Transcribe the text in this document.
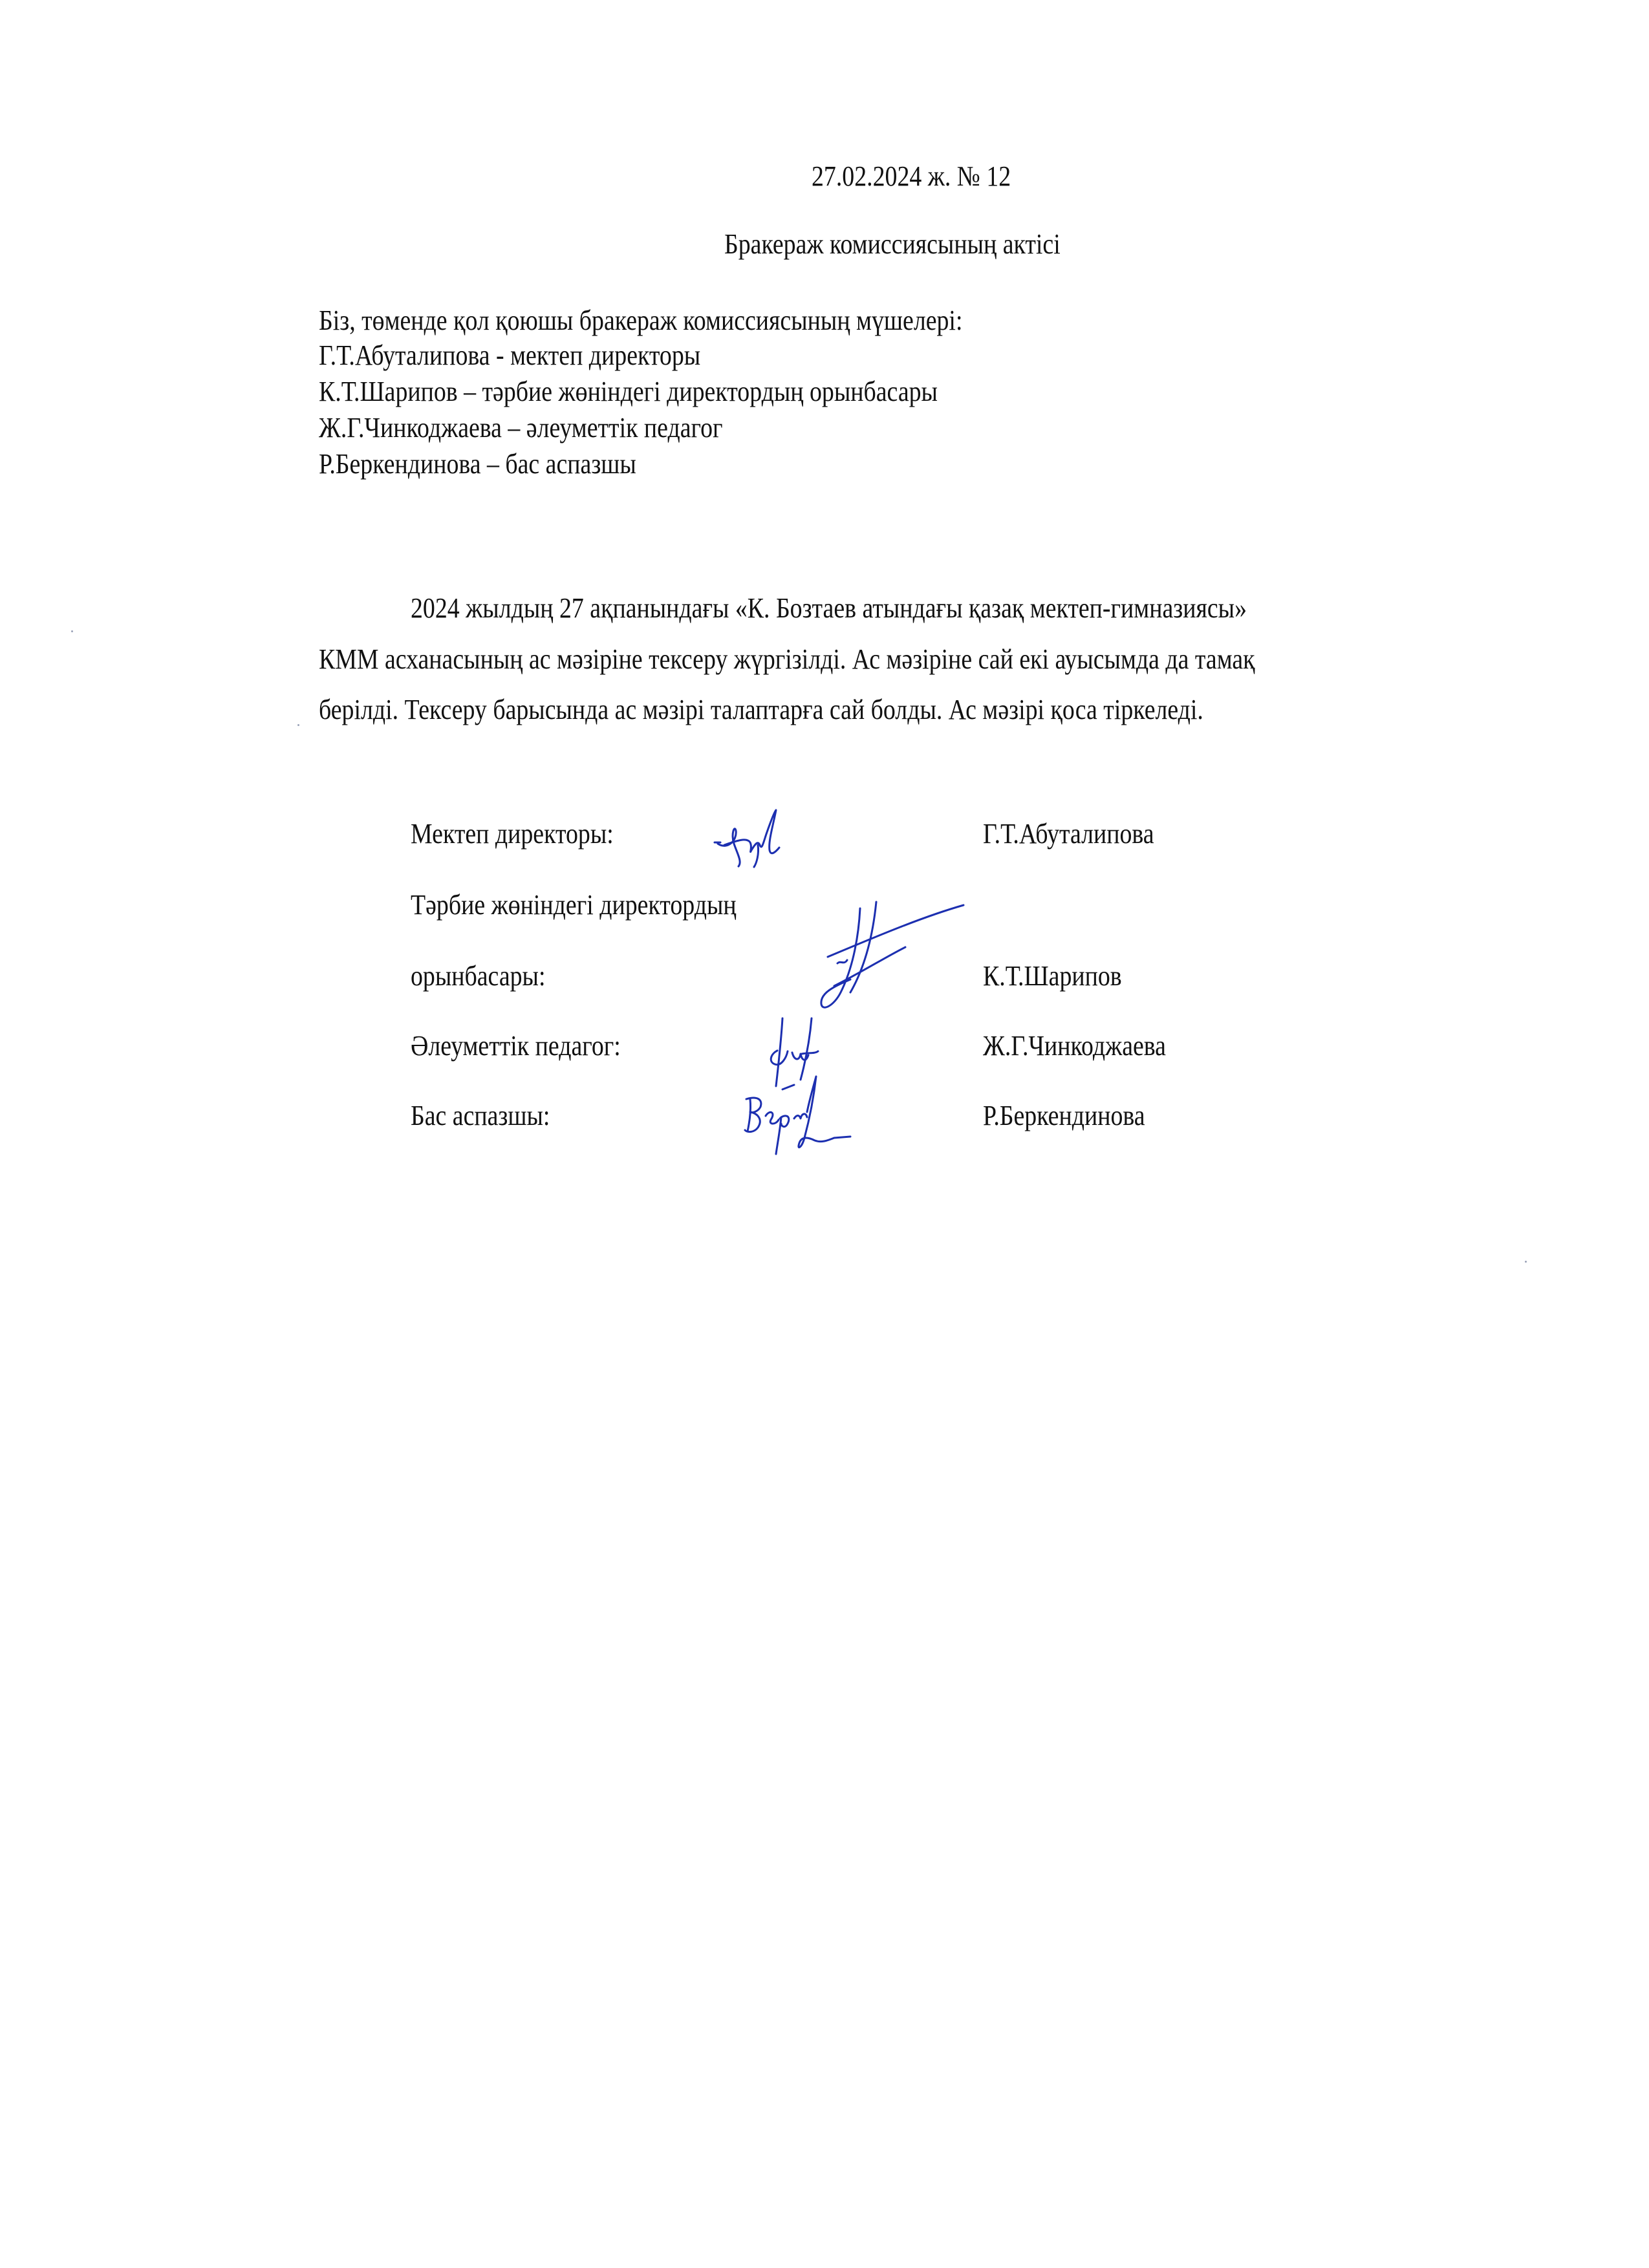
27.02.2024 ж. № 12
Бракераж комиссиясының актісі
Біз, төменде қол қоюшы бракераж комиссиясының мүшелері:
Г.Т.Абуталипова - мектеп директоры
К.Т.Шарипов – тәрбие жөніндегі директордың орынбасары
Ж.Г.Чинкоджаева – әлеуметтік педагог
Р.Беркендинова – бас аспазшы
2024 жылдың 27 ақпанындағы «К. Бозтаев атындағы қазақ мектеп-гимназиясы»
КММ асханасының ас мәзіріне тексеру жүргізілді. Ас мәзіріне сай екі ауысымда да тамақ
берілді. Тексеру барысында ас мәзірі талаптарға сай болды. Ас мәзірі қоса тіркеледі.
Мектеп директоры:	Г.Т.Абуталипова
Тәрбие жөніндегі директордың
орынбасары:	К.Т.Шарипов
Әлеуметтік педагог:	Ж.Г.Чинкоджаева
Бас аспазшы:	Р.Беркендинова
